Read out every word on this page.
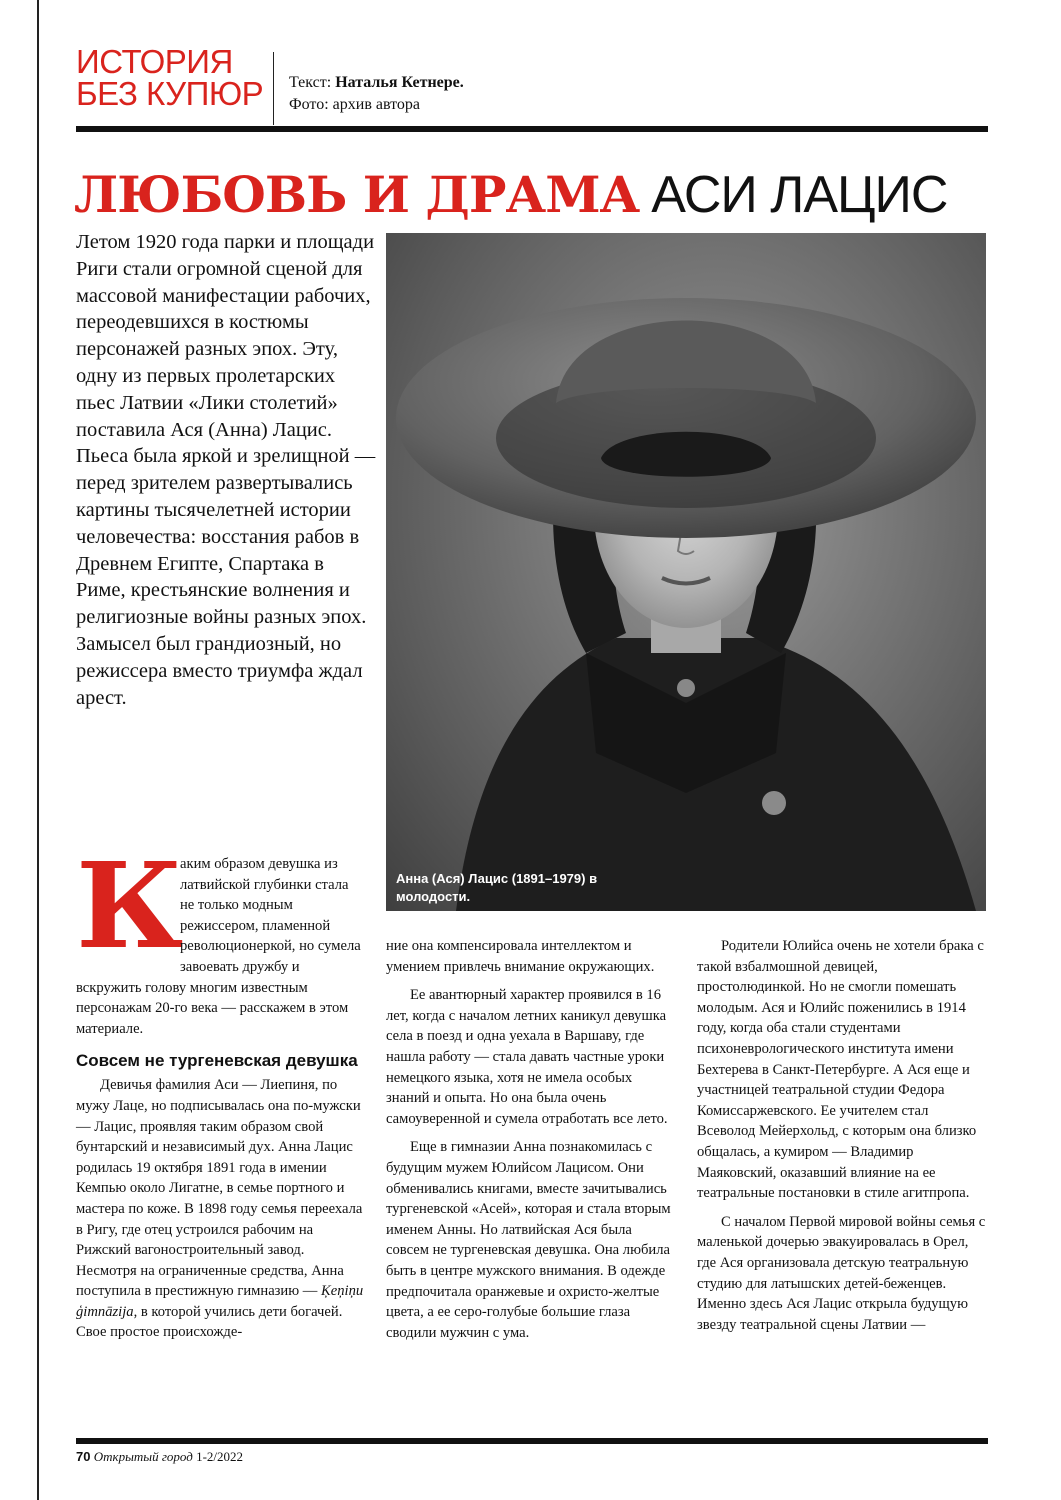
ИСТОРИЯ
БЕЗ КУПЮР	Текст: Наталья Кетнере.
Фото: архив автора
ЛЮБОВЬ И ДРАМА АСИ ЛАЦИС

Летом 1920 года парки и площади Риги стали огромной сценой для массовой манифестации рабочих, переодевшихся в костюмы персонажей разных эпох. Эту, одну из первых пролетарских пьес Латвии «Лики столетий» поставила Ася (Анна) Лацис. Пьеса была яркой и зрелищной — перед зрителем развертывались картины тысячелетней истории человечества: восстания рабов в Древнем Египте, Спартака в Риме, крестьянские волнения и религиозные войны разных эпох. Замысел был грандиозный, но режиссера вместо триумфа ждал арест.

Анна (Ася) Лацис (1891–1979) в молодости.
К

аким образом девушка из латвийской глубинки стала не только модным режиссером, пламенной революционеркой, но сумела завоевать дружбу и вскружить голову многим известным персонажам 20-го века — расскажем в этом материале.

Совсем не тургеневская девушка

Девичья фамилия Аси — Лиепиня, по мужу Лаце, но подписывалась она по-мужски — Лацис, проявляя таким образом свой бунтарский и независимый дух. Анна Лацис родилась 19 октября 1891 года в имении Кемпью около Лигатне, в семье портного и мастера по коже. В 1898 году семья переехала в Ригу, где отец устроился рабочим на Рижский вагоностроительный завод. Несмотря на ограниченные средства, Анна поступила в престижную гимназию — Ķeņiņu ģimnāzija, в которой учились дети богачей. Свое простое происхожде-

ние она компенсировала интеллектом и умением привлечь внимание окружающих.

Ее авантюрный характер проявился в 16 лет, когда с началом летних каникул девушка села в поезд и одна уехала в Варшаву, где нашла работу — стала давать частные уроки немецкого языка, хотя не имела особых знаний и опыта. Но она была очень самоуверенной и сумела отработать все лето.

Еще в гимназии Анна познакомилась с будущим мужем Юлийсом Лацисом. Они обменивались книгами, вместе зачитывались тургеневской «Асей», которая и стала вторым именем Анны. Но латвийская Ася была совсем не тургеневская девушка. Она любила быть в центре мужского внимания. В одежде предпочитала оранжевые и охристо-желтые цвета, а ее серо-голубые большие глаза сводили мужчин с ума.

Родители Юлийса очень не хотели брака с такой взбалмошной девицей, простолюдинкой. Но не смогли помешать молодым. Ася и Юлийс поженились в 1914 году, когда оба стали студентами психоневрологического института имени Бехтерева в Санкт-Петербурге. А Ася еще и участницей театральной студии Федора Комиссаржевского. Ее учителем стал Всеволод Мейерхольд, с которым она близко общалась, а кумиром — Владимир Маяковский, оказавший влияние на ее театральные постановки в стиле агитпропа.

С началом Первой мировой войны семья с маленькой дочерью эвакуировалась в Орел, где Ася организовала детскую театральную студию для латышских детей-беженцев. Именно здесь Ася Лацис открыла будущую звезду театральной сцены Латвии —

70 Открытый город 1-2/2022
